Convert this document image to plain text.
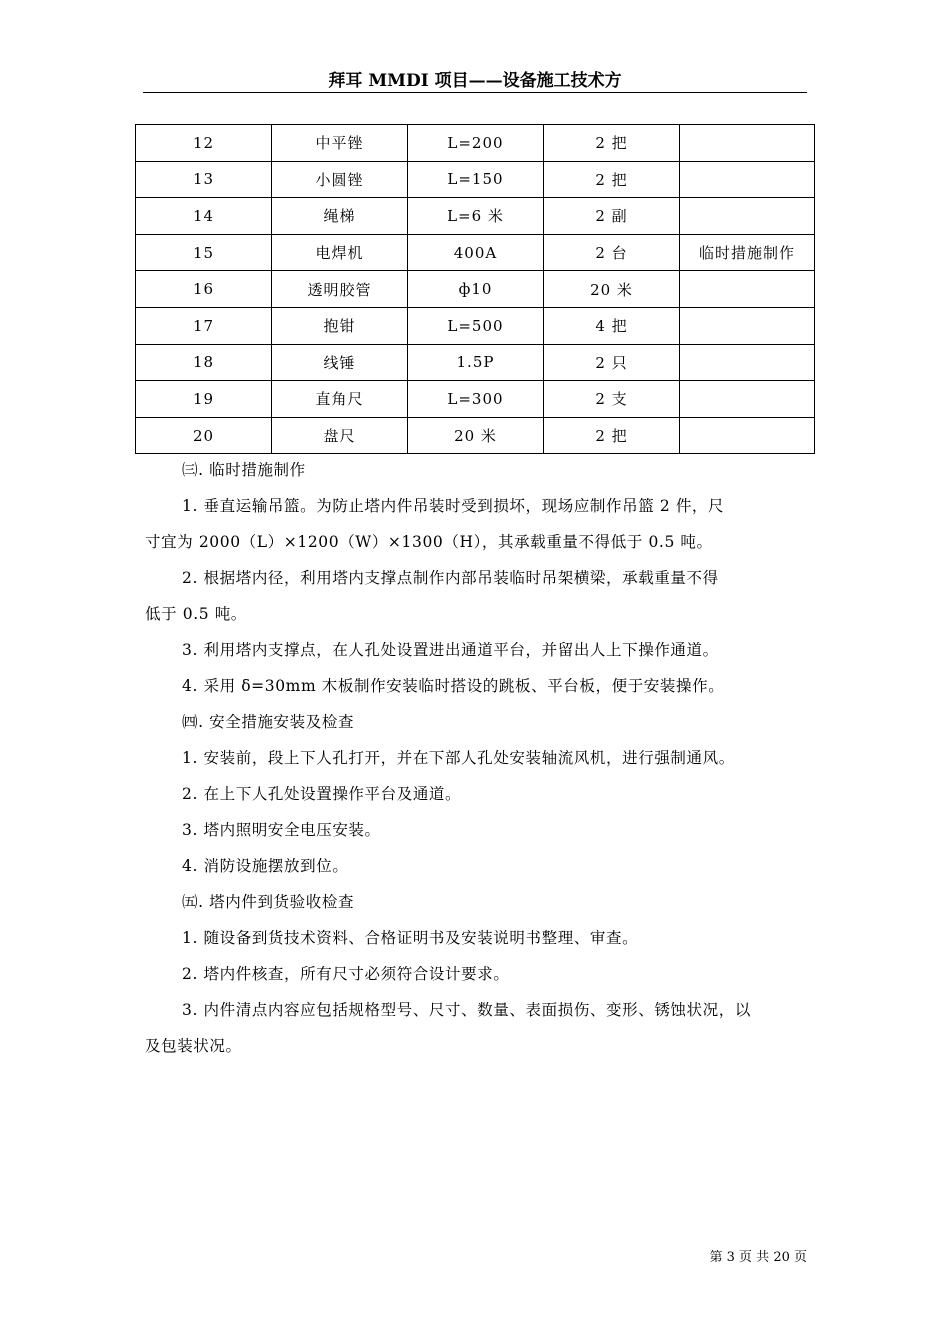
拜耳 MMDI 项目——设备施工技术方
12	中平锉	L=200	2 把	
13	小圆锉	L=150	2 把	
14	绳梯	L=6 米	2 副	
15	电焊机	400A	2 台	临时措施制作
16	透明胶管	ф10	20 米	
17	抱钳	L=500	4 把	
18	线锤	1.5P	2 只	
19	直角尺	L=300	2 支	
20	盘尺	20 米	2 把	

㈢. 临时措施制作

1. 垂直运输吊篮。为防止塔内件吊装时受到损坏，现场应制作吊篮 2 件，尺

寸宜为 2000（L）×1200（W）×1300（H），其承载重量不得低于 0.5 吨。

2. 根据塔内径，利用塔内支撑点制作内部吊装临时吊架横梁，承载重量不得

低于 0.5 吨。

3. 利用塔内支撑点，在人孔处设置进出通道平台，并留出人上下操作通道。

4. 采用 δ=30mm 木板制作安装临时搭设的跳板、平台板，便于安装操作。

㈣. 安全措施安装及检查

1. 安装前，段上下人孔打开，并在下部人孔处安装轴流风机，进行强制通风。

2. 在上下人孔处设置操作平台及通道。

3. 塔内照明安全电压安装。

4. 消防设施摆放到位。

㈤. 塔内件到货验收检查

1. 随设备到货技术资料、合格证明书及安装说明书整理、审查。

2. 塔内件核查，所有尺寸必须符合设计要求。

3. 内件清点内容应包括规格型号、尺寸、数量、表面损伤、变形、锈蚀状况，以

及包装状况。

第 3 页 共 20 页
